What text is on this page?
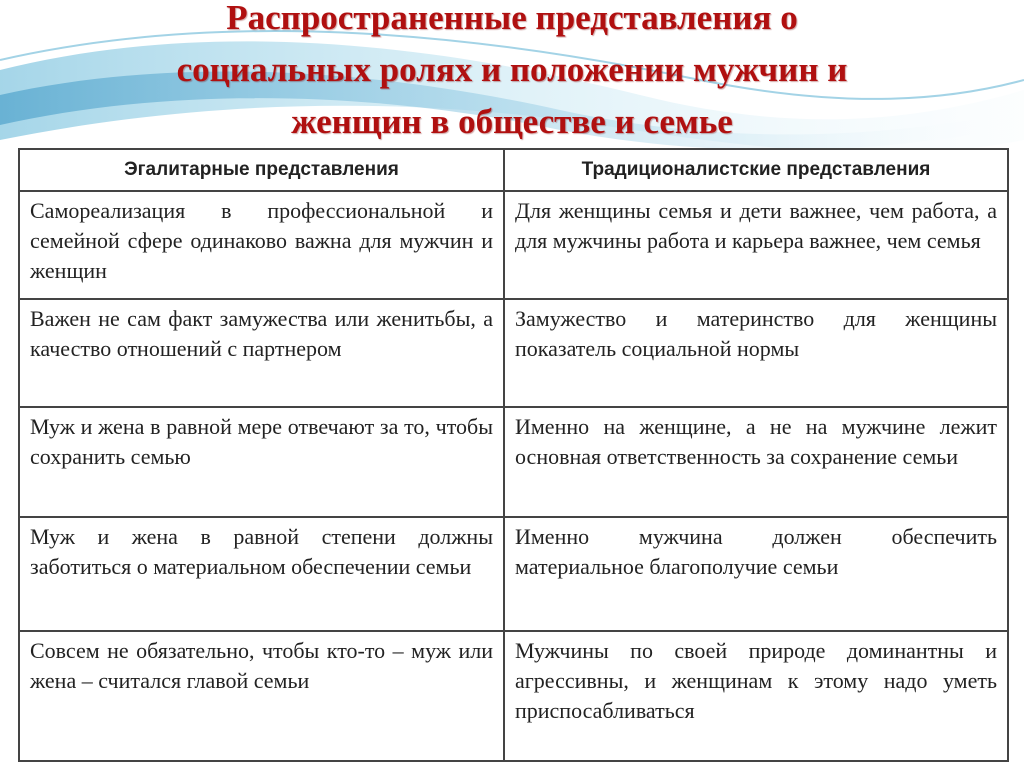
Распространенные представления о
социальных ролях и положении мужчин и
женщин в обществе и семье
Эгалитарные представления	Традиционалистские представления
Самореализация в профессиональной и семейной сфере одинаково важна для мужчин и женщин	Для женщины семья и дети важнее, чем работа, а для мужчины работа и карьера важнее, чем семья
Важен не сам факт замужества или женитьбы, а качество отношений с партнером	Замужество и материнство для женщины показатель социальной нормы
Муж и жена в равной мере отвечают за то, чтобы сохранить семью	Именно на женщине, а не на мужчине лежит основная ответственность за сохранение семьи
Муж и жена в равной степени должны заботиться о материальном обеспечении семьи	Именно мужчина должен обеспечить материальное благополучие семьи
Совсем не обязательно, чтобы кто-то – муж или жена – считался главой семьи	Мужчины по своей природе доминантны и агрессивны, и женщинам к этому надо уметь приспосабливаться
